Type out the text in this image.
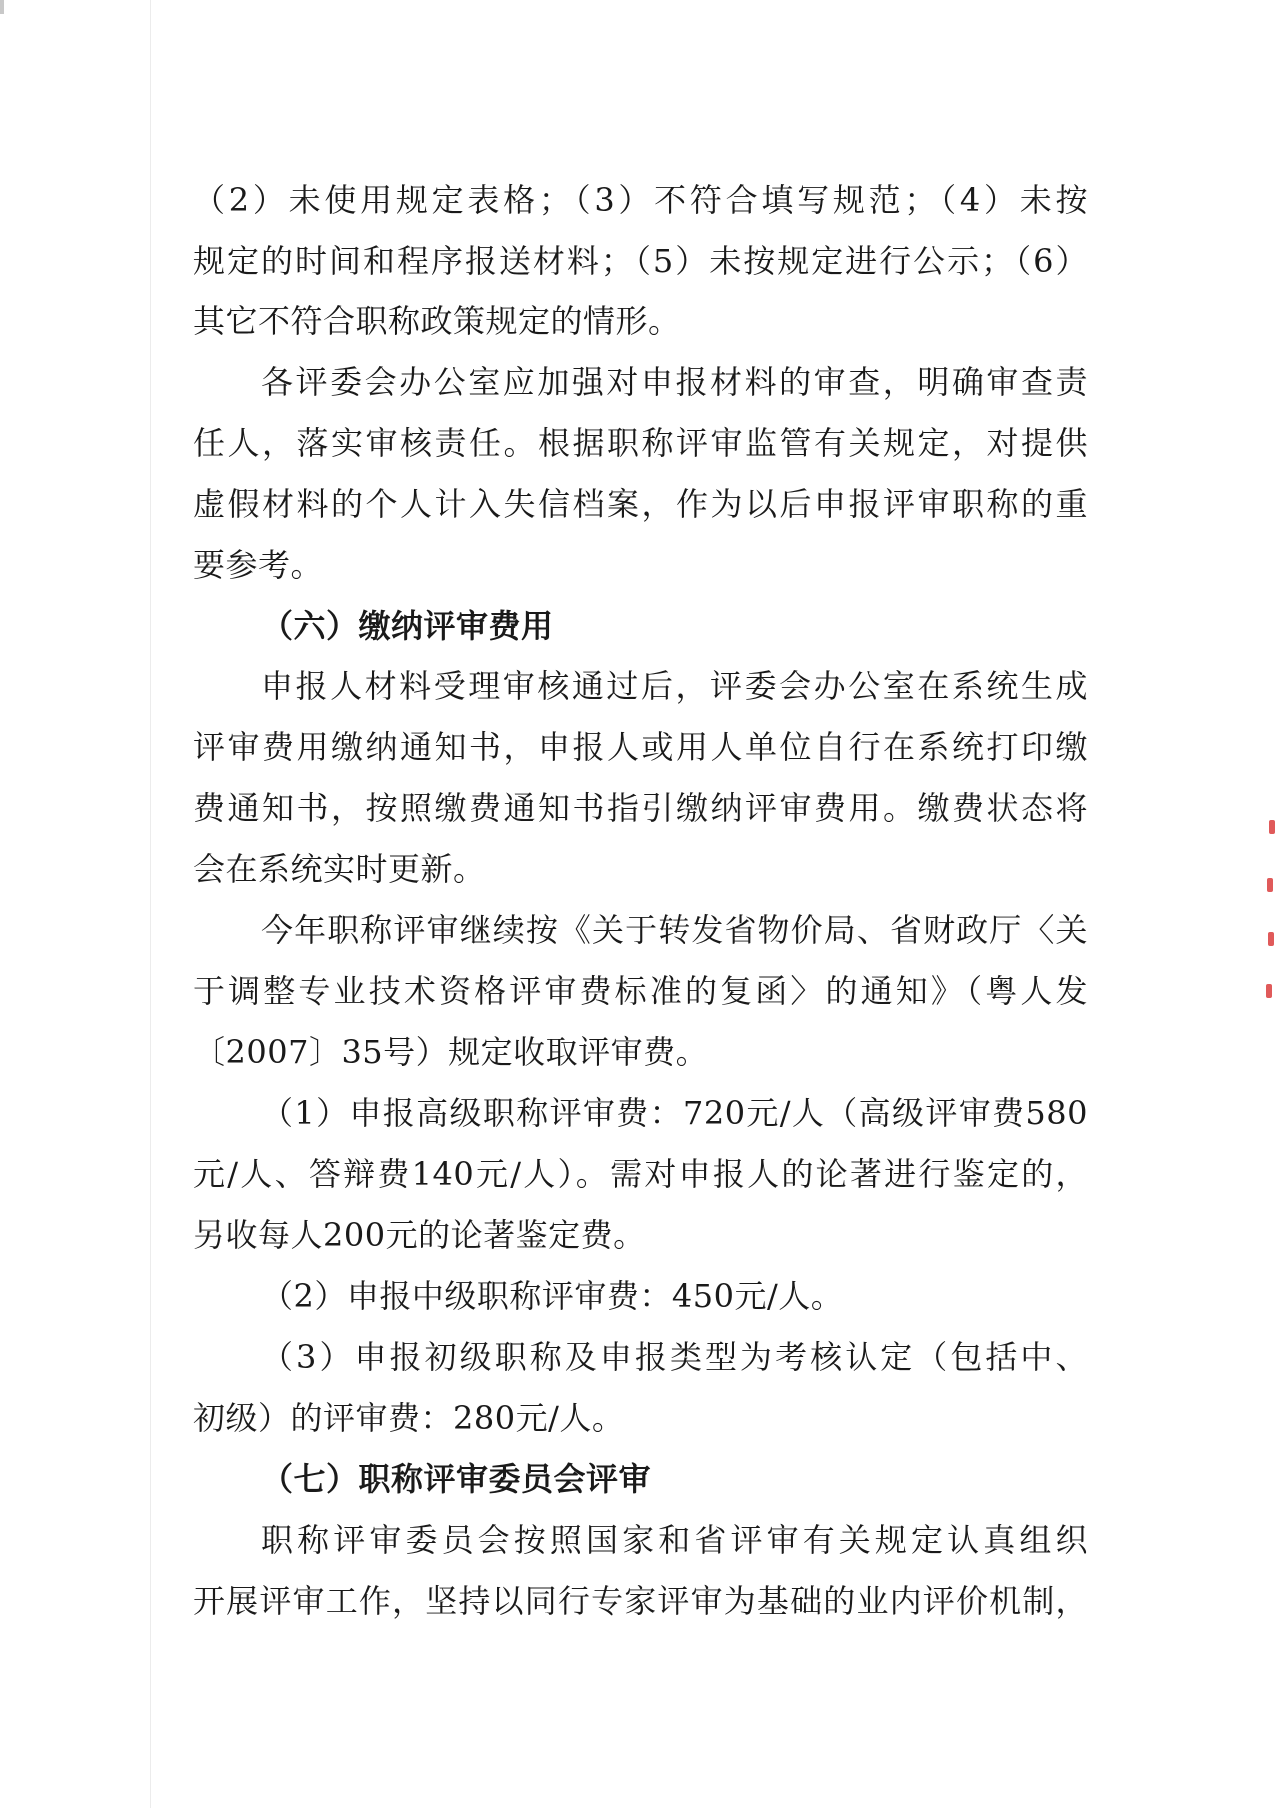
（2）未使用规定表格；（3）不符合填写规范；（4）未按

规定的时间和程序报送材料；（5）未按规定进行公示；（6）

其它不符合职称政策规定的情形。

各评委会办公室应加强对申报材料的审查，明确审查责

任人，落实审核责任。根据职称评审监管有关规定，对提供

虚假材料的个人计入失信档案，作为以后申报评审职称的重

要参考。

（六）缴纳评审费用

申报人材料受理审核通过后，评委会办公室在系统生成

评审费用缴纳通知书，申报人或用人单位自行在系统打印缴

费通知书，按照缴费通知书指引缴纳评审费用。缴费状态将

会在系统实时更新。

今年职称评审继续按《关于转发省物价局、省财政厅〈关

于调整专业技术资格评审费标准的复函〉的通知》（粤人发

〔2007〕35号）规定收取评审费。

（1）申报高级职称评审费：720元/人（高级评审费580

元/人、答辩费140元/人）。需对申报人的论著进行鉴定的，

另收每人200元的论著鉴定费。

（2）申报中级职称评审费：450元/人。

（3）申报初级职称及申报类型为考核认定（包括中、

初级）的评审费：280元/人。

（七）职称评审委员会评审

职称评审委员会按照国家和省评审有关规定认真组织

开展评审工作，坚持以同行专家评审为基础的业内评价机制，
